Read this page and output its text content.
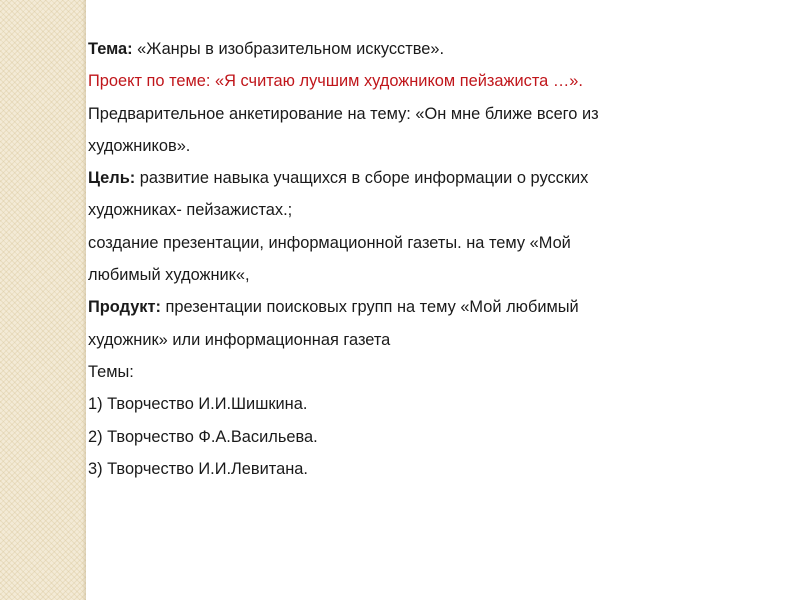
Тема: «Жанры в изобразительном искусстве».
Проект по теме: «Я считаю лучшим художником пейзажиста …».
Предварительное анкетирование на тему: «Он мне ближе всего из
художников».
Цель: развитие навыка учащихся в сборе информации о русских
художниках- пейзажистах.;
создание презентации, информационной газеты. на тему «Мой
любимый художник«,
Продукт: презентации поисковых групп на тему «Мой любимый
художник» или информационная газета
Темы:
1) Творчество И.И.Шишкина.
2) Творчество Ф.А.Васильева.
3) Творчество И.И.Левитана.
